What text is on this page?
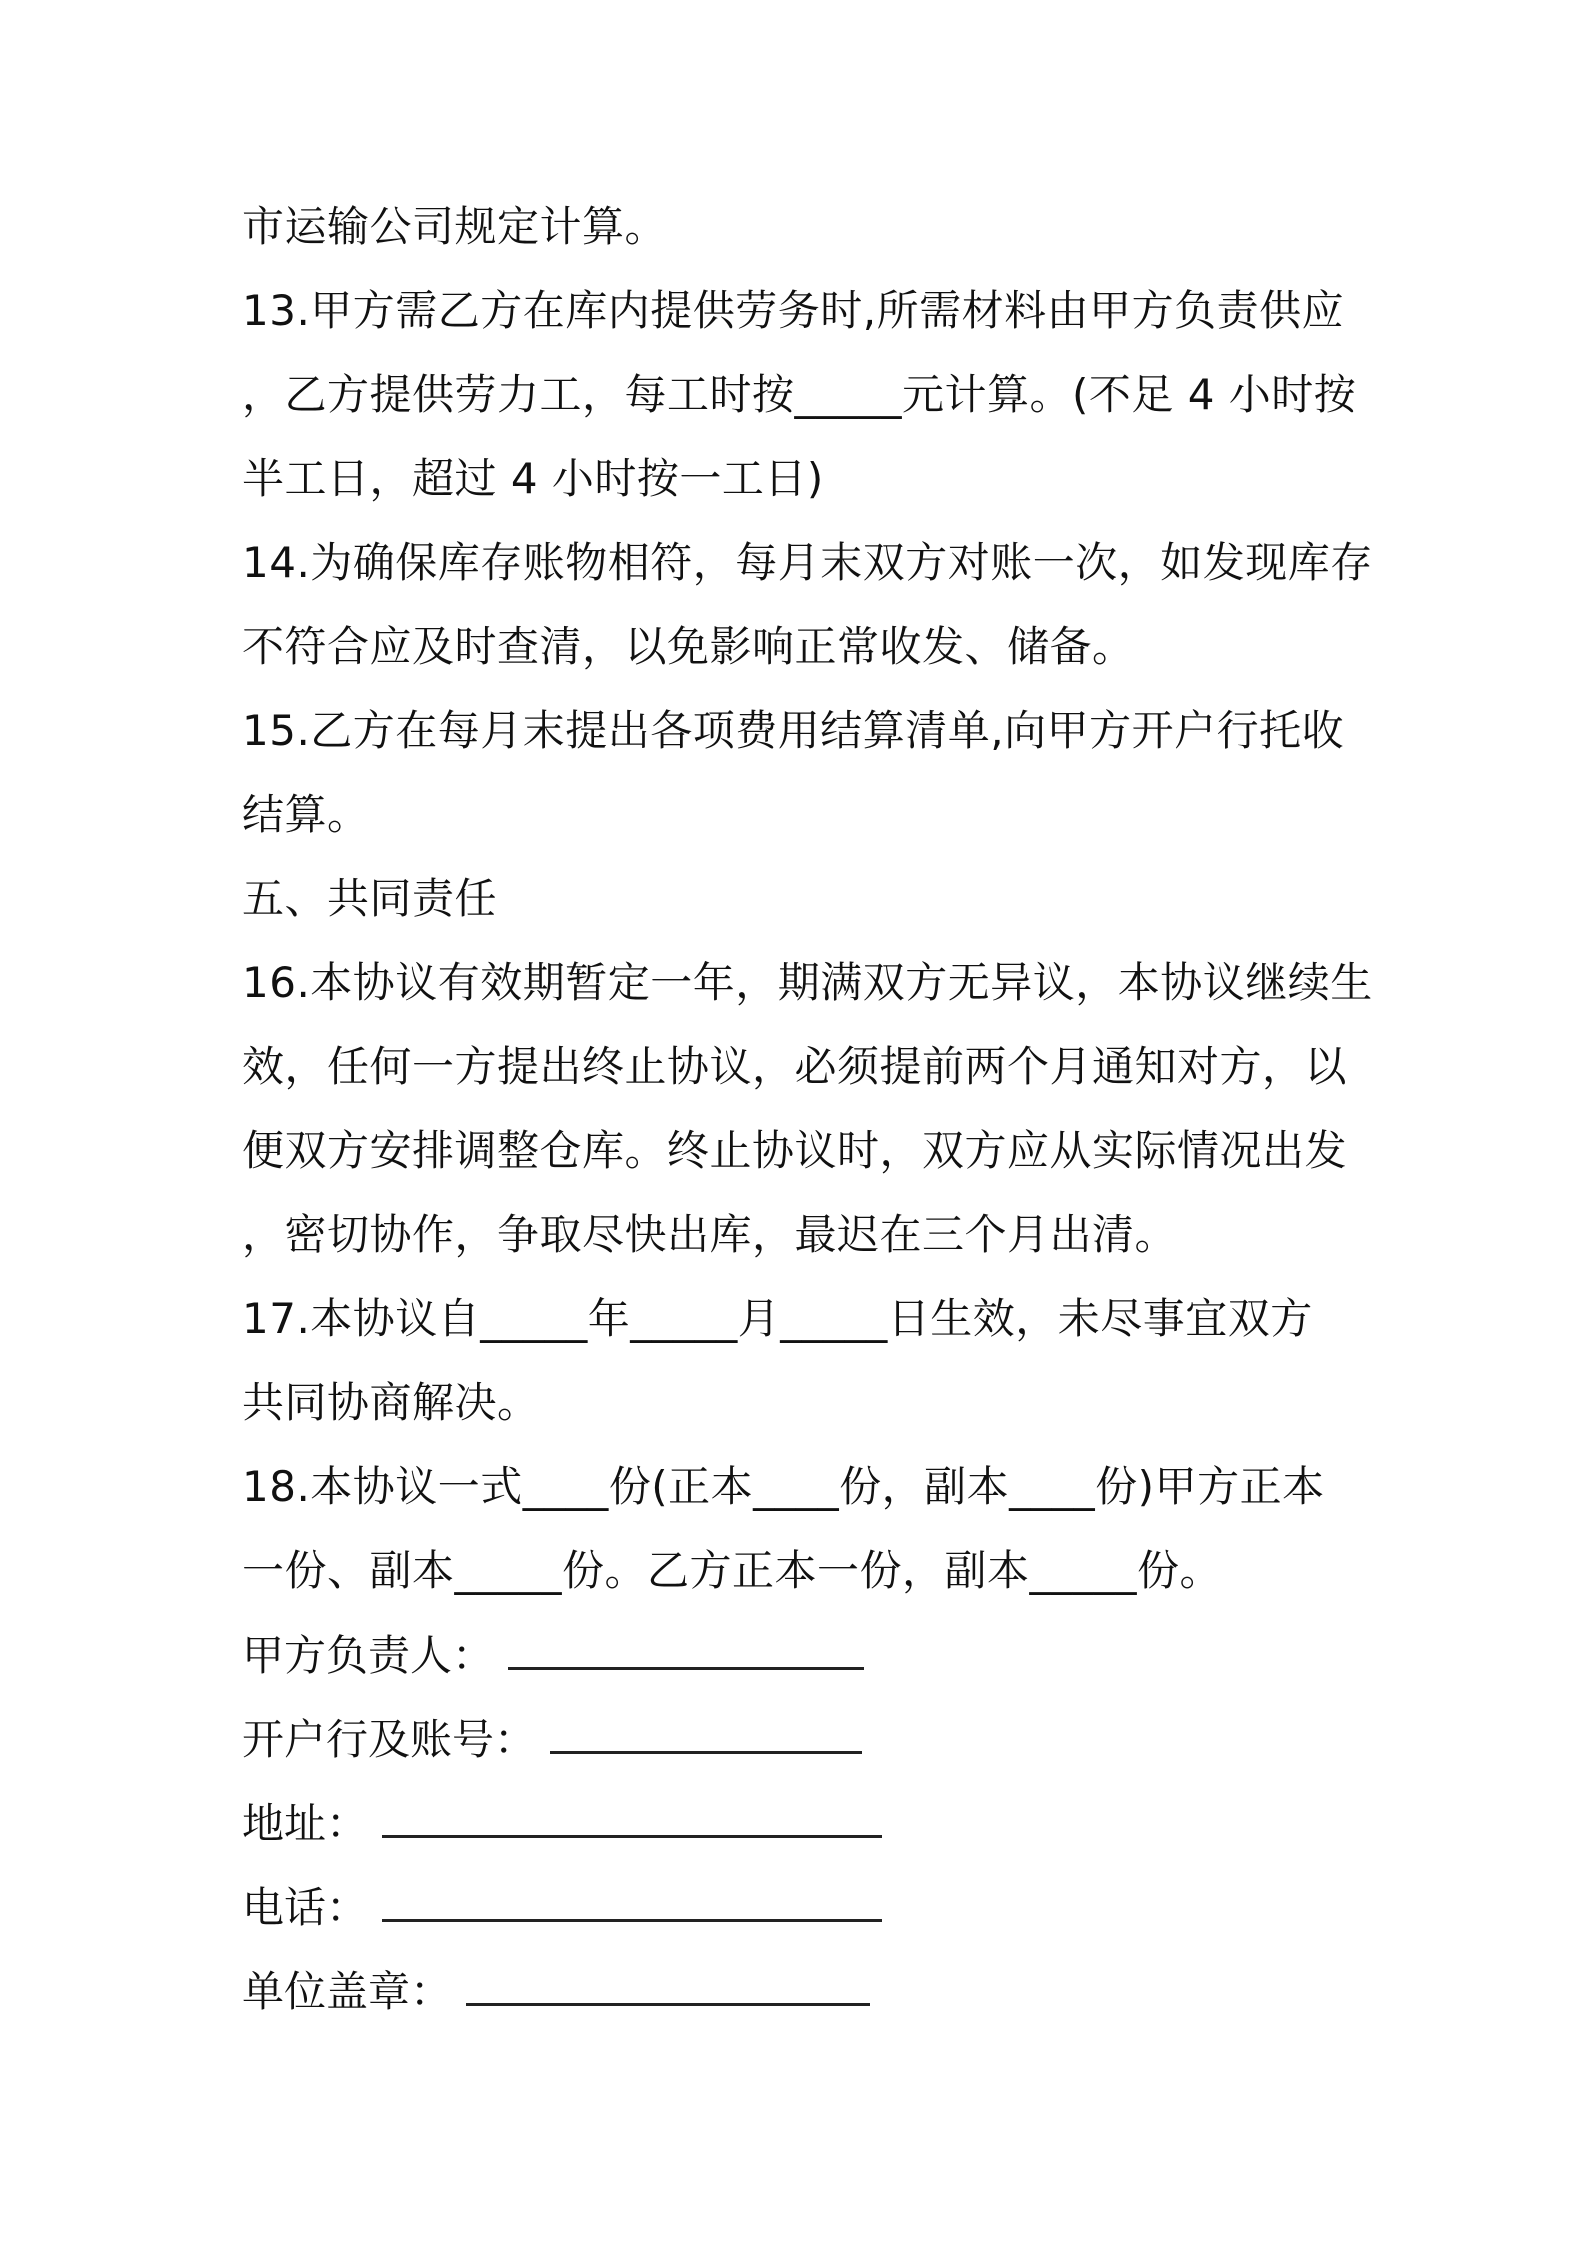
市运输公司规定计算。
13.甲方需乙方在库内提供劳务时,所需材料由甲方负责供应
，乙方提供劳力工，每工时按_____元计算。(不足 4 小时按
半工日，超过 4 小时按一工日)
14.为确保库存账物相符，每月末双方对账一次，如发现库存
不符合应及时查清，以免影响正常收发、储备。
15.乙方在每月末提出各项费用结算清单,向甲方开户行托收
结算。
五、共同责任
16.本协议有效期暂定一年，期满双方无异议，本协议继续生
效，任何一方提出终止协议，必须提前两个月通知对方，以
便双方安排调整仓库。终止协议时，双方应从实际情况出发
，密切协作，争取尽快出库，最迟在三个月出清。
17.本协议自_____年_____月_____日生效，未尽事宜双方
共同协商解决。
18.本协议一式____份(正本____份，副本____份)甲方正本
一份、副本_____份。乙方正本一份，副本_____份。
甲方负责人：
开户行及账号：
地址：
电话：
单位盖章：
